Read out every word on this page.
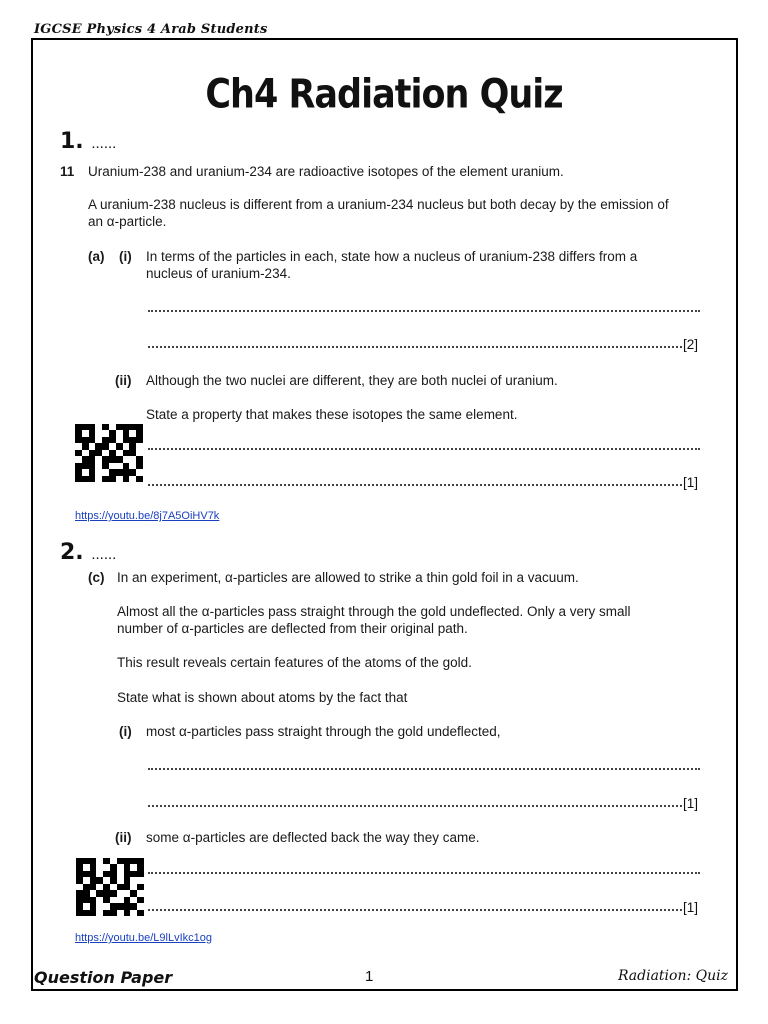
IGCSE Physics 4 Arab Students
Ch4 Radiation Quiz
1. ......
11 Uranium-238 and uranium-234 are radioactive isotopes of the element uranium.
A uranium-238 nucleus is different from a uranium-234 nucleus but both decay by the emission of
an α-particle.
(a) (i) In terms of the particles in each, state how a nucleus of uranium-238 differs from a
nucleus of uranium-234.
[2]
(ii) Although the two nuclei are different, they are both nuclei of uranium.
State a property that makes these isotopes the same element.
[1]
https://youtu.be/8j7A5OiHV7k
2. ......
(c) In an experiment, α-particles are allowed to strike a thin gold foil in a vacuum.
Almost all the α-particles pass straight through the gold undeflected. Only a very small
number of α-particles are deflected from their original path.
This result reveals certain features of the atoms of the gold.
State what is shown about atoms by the fact that
(i) most α-particles pass straight through the gold undeflected,
[1]
(ii) some α-particles are deflected back the way they came.
[1]
https://youtu.be/L9lLvIkc1og
Question Paper	1	Radiation: Quiz
